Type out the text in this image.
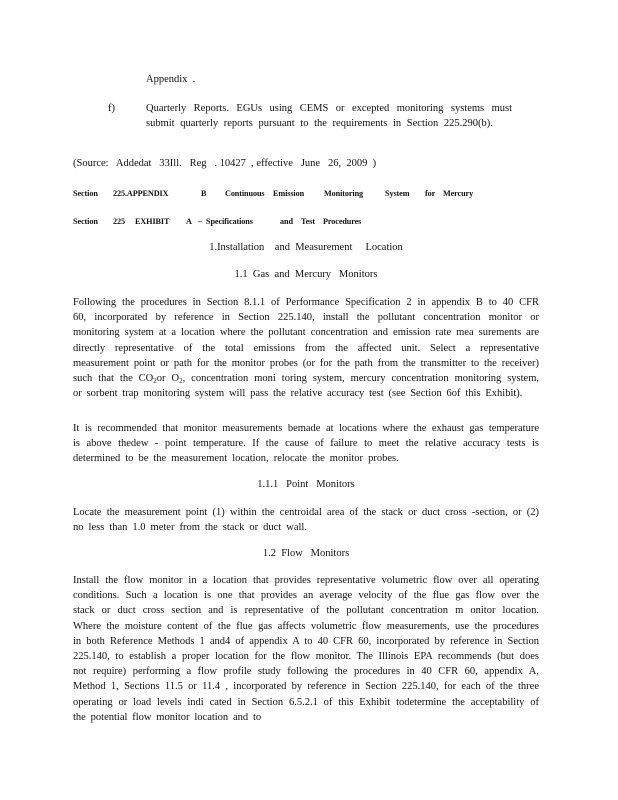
Appendix  .
f)	Quarterly Reports. EGUs using CEMS or excepted monitoring systems must submit quarterly reports pursuant to the requirements in Section 225.290(b).
(Source:   Addedat   33Ill.   Reg   . 10427  , effective   June   26,  2009  )
Section 225.APPENDIX	B Continuous Emission Monitoring	System for Mercury
Section 225 EXHIBIT A – Specifications	and Test Procedures
1.Installation    and  Measurement     Location
1.1  Gas  and  Mercury   Monitors
Following the procedures in Section 8.1.1 of Performance Specification 2 in appendix B to 40 CFR 60, incorporated by reference in Section 225.140, install the pollutant concentration monitor or monitoring system at a location where the pollutant concentration and emission rate mea surements are directly representative of the total emissions from the affected unit. Select a representative measurement point or path for the monitor probes (or for the path from the transmitter to the receiver) such that the $CO_2or$ $O_2$, concentration moni toring system, mercury concentration monitoring system, or sorbent trap monitoring system will pass the relative accuracy test (see Section 6of this Exhibit).
It is recommended that monitor measurements bemade at locations where the exhaust gas temperature is above thedew - point temperature. If the cause of failure to meet the relative accuracy tests is determined to be the measurement location, relocate the monitor probes.
1.1.1   Point   Monitors
Locate the measurement point (1) within the centroidal area of the stack or duct cross -section, or (2) no less than 1.0 meter from the stack or duct wall.
1.2  Flow   Monitors
Install the flow monitor in a location that provides representative volumetric flow over all operating conditions. Such a location is one that provides an average velocity of the flue gas flow over the stack or duct cross section and is representative of the pollutant concentration m onitor location. Where the moisture content of the flue gas affects volumetric flow measurements, use the procedures in both Reference Methods 1 and4 of appendix A to 40 CFR 60, incorporated by reference in Section 225.140, to establish a proper location for the flow monitor. The Illinois EPA recommends (but does not require) performing a flow profile study following the procedures in 40 CFR 60, appendix A, Method 1, Sections 11.5 or 11.4 , incorporated by reference in Section 225.140, for each of the three operating or load levels indi cated in Section 6.5.2.1 of this Exhibit todetermine the acceptability of the potential flow monitor location and to
